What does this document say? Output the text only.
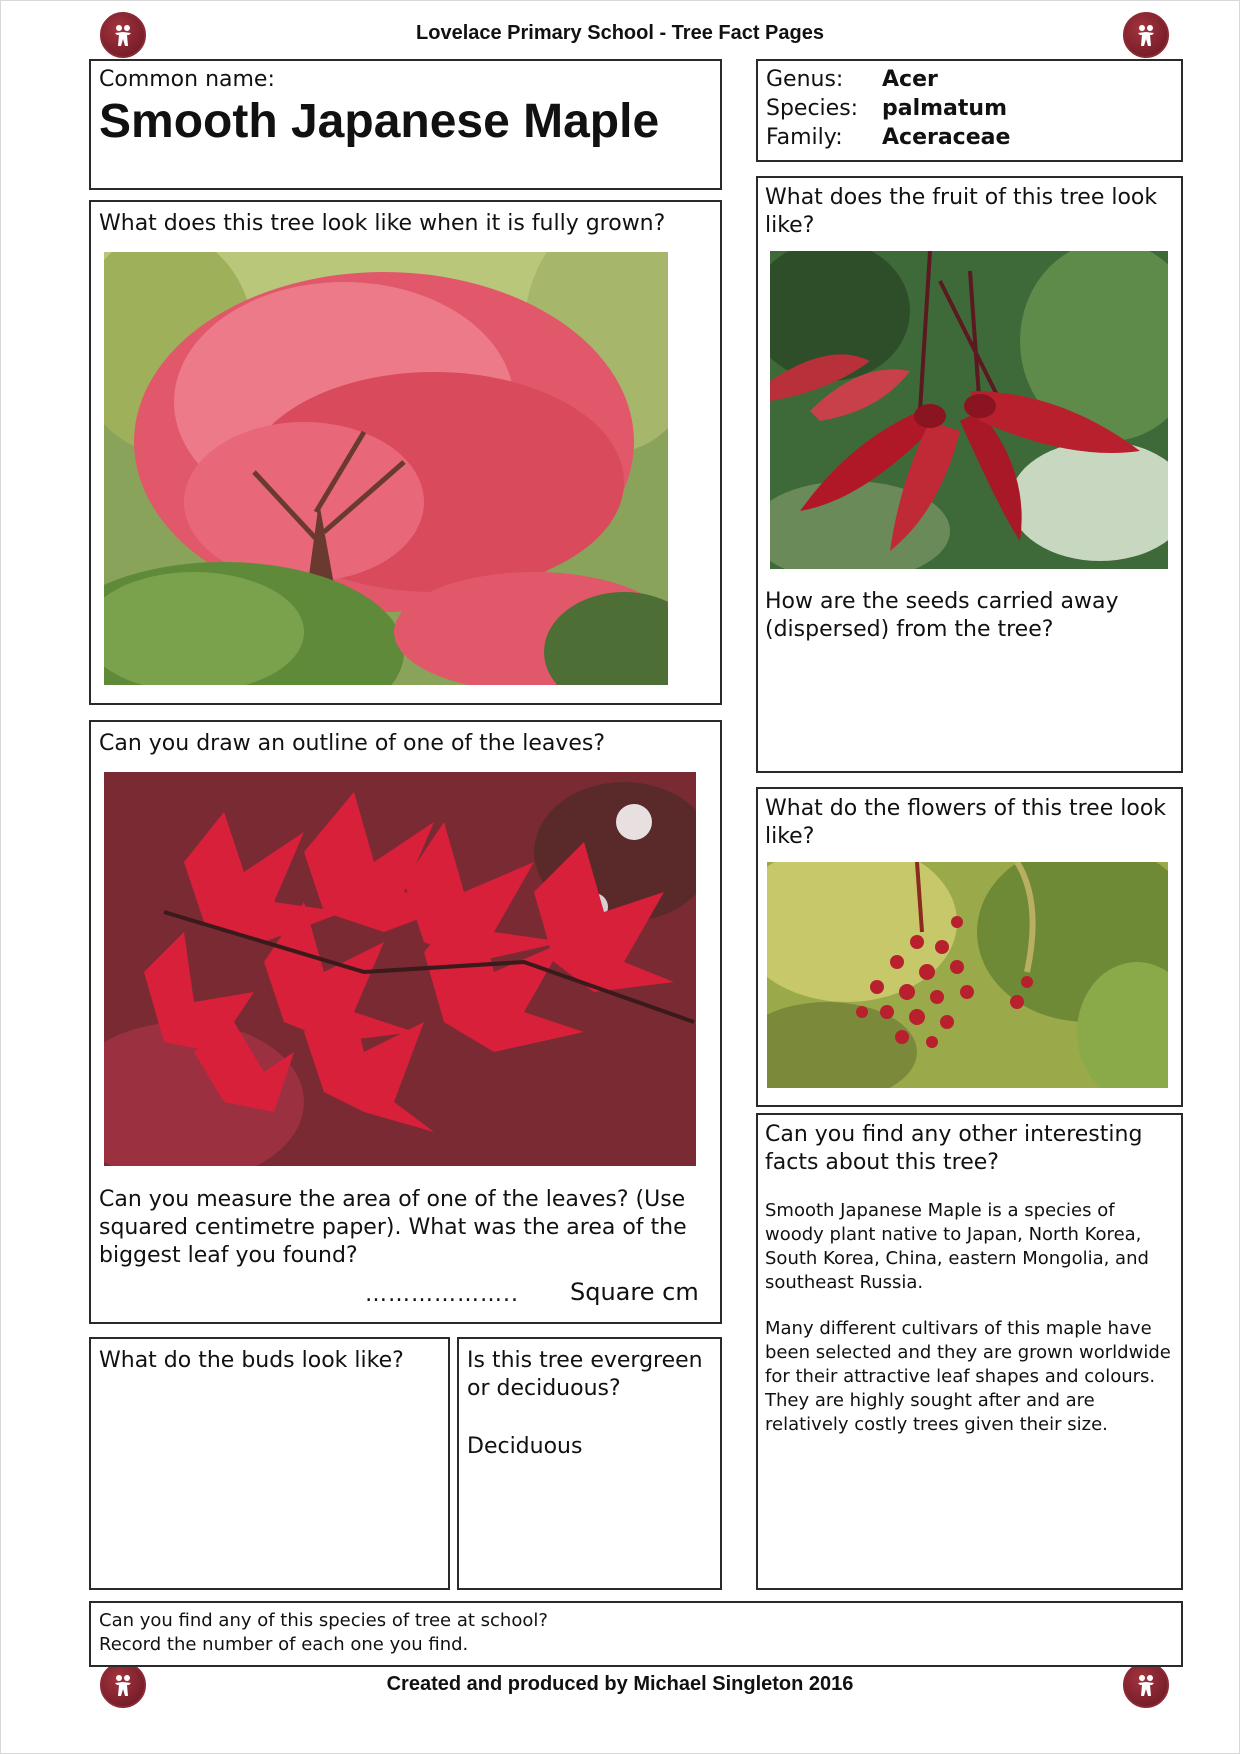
Lovelace Primary School - Tree Fact Pages
Common name:
Smooth Japanese Maple
Genus:	Acer
Species:	palmatum
Family:	Aceraceae
What does this tree look like when it is fully grown?
Can you draw an outline of one of the leaves?
Can you measure the area of one of the leaves? (Use squared centimetre paper). What was the area of the biggest leaf you found?
……………….. Square cm
What do the buds look like?	Is this tree evergreen or deciduous?
Deciduous
What does the fruit of this tree look like?
How are the seeds carried away (dispersed) from the tree?
What do the flowers of this tree look like?
Can you find any other interesting facts about this tree?
Smooth Japanese Maple is a species of woody plant native to Japan, North Korea, South Korea, China, eastern Mongolia, and southeast Russia.
Many different cultivars of this maple have been selected and they are grown worldwide for their attractive leaf shapes and colours. They are highly sought after and are relatively costly trees given their size.
Can you find any of this species of tree at school?
Record the number of each one you find.
Created and produced by Michael Singleton 2016
